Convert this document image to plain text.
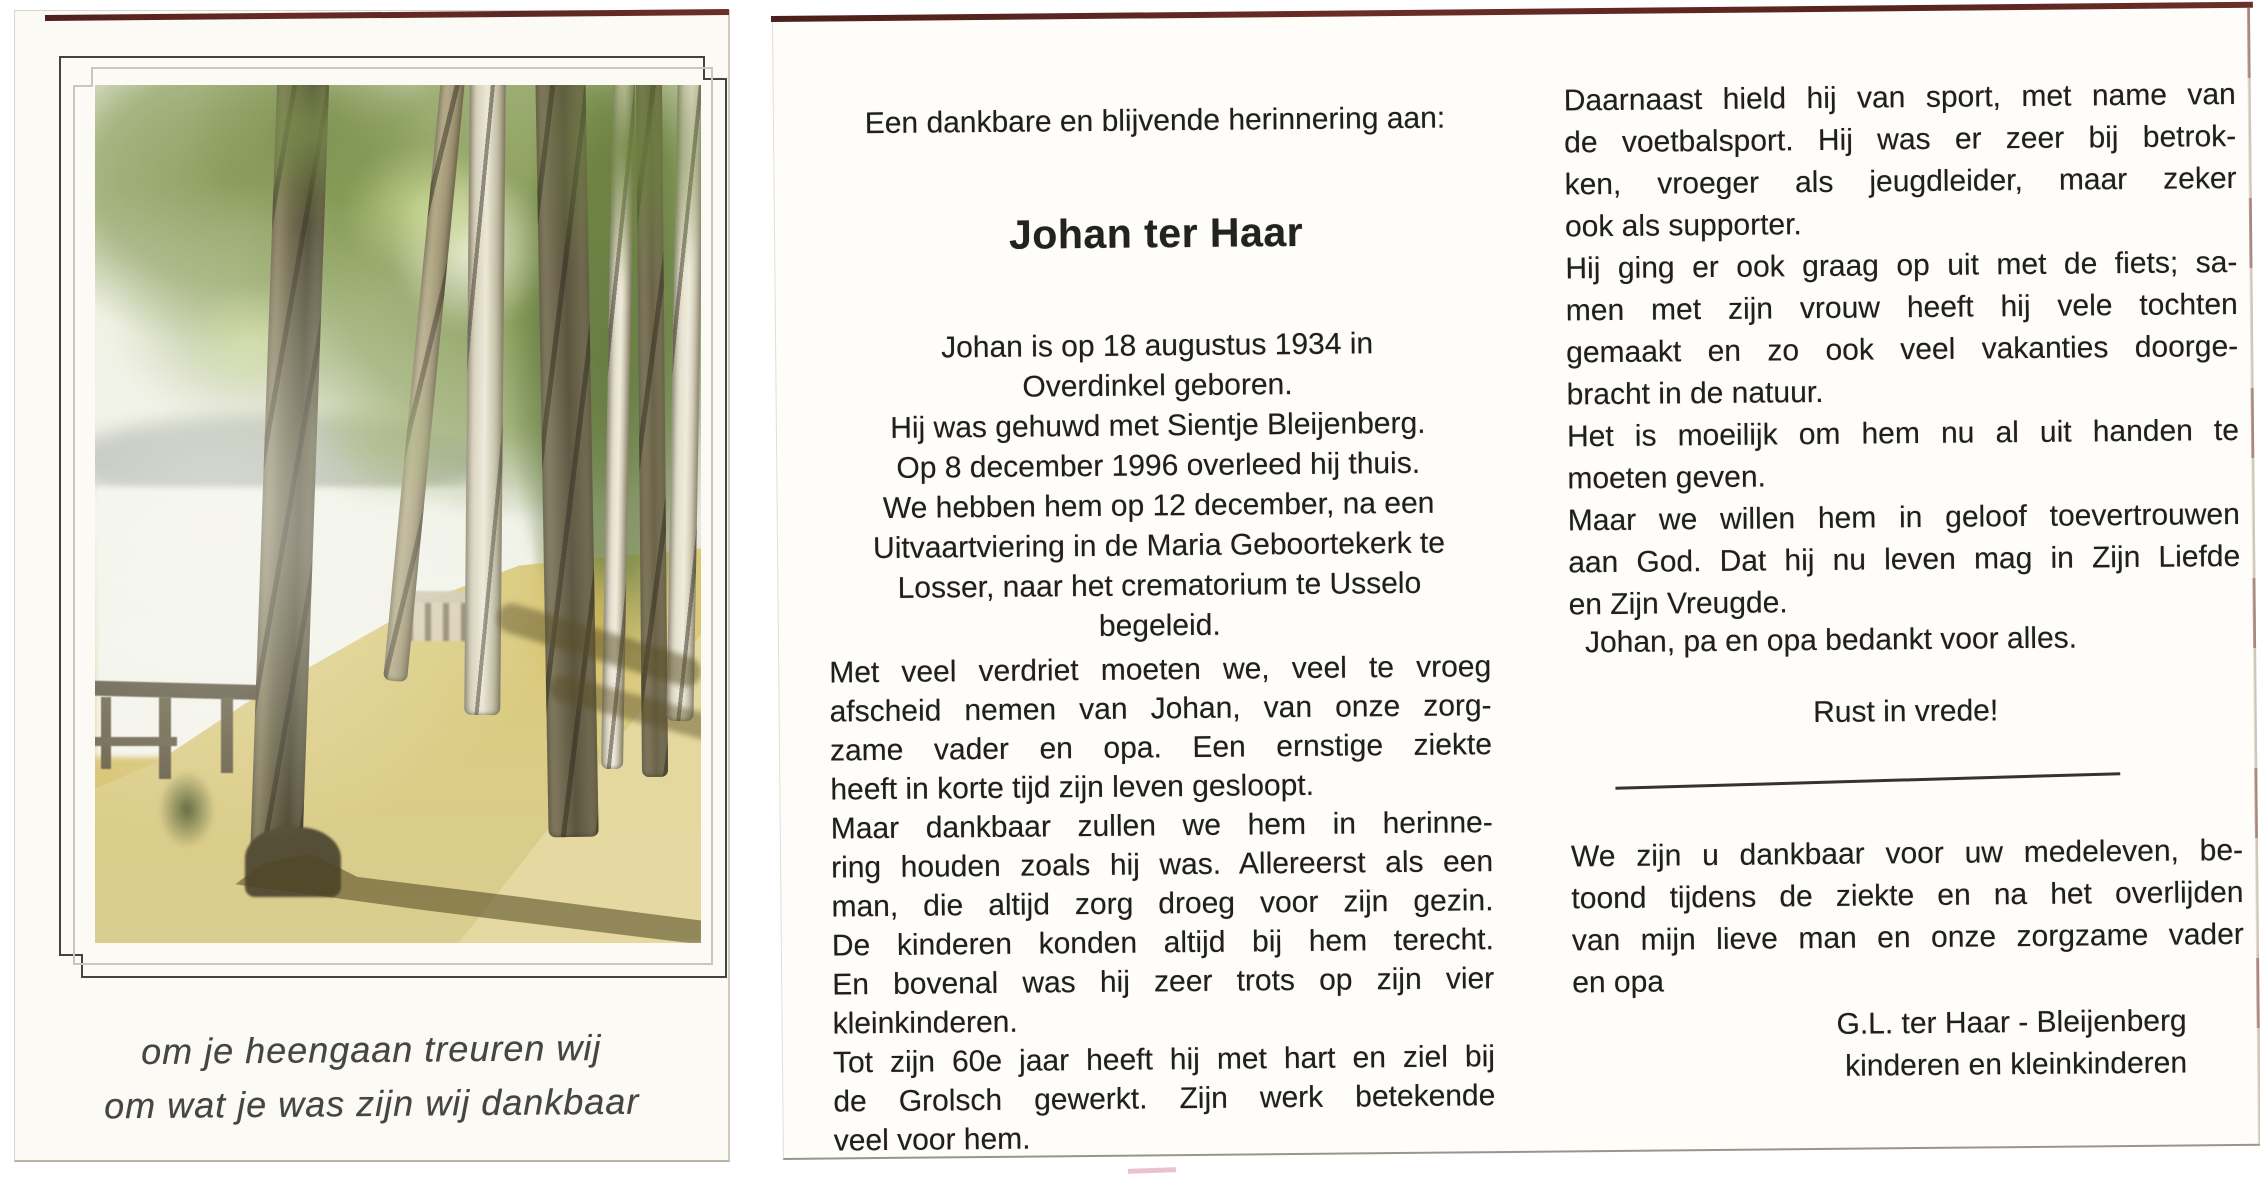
om je heengaan treuren wij
om wat je was zijn wij dankbaar

Een dankbare en blijvende herinnering aan:

Johan ter Haar
Johan is op 18 augustus 1934 in
Overdinkel geboren.
Hij was gehuwd met Sientje Bleijenberg.
Op 8 december 1996 overleed hij thuis.
We hebben hem op 12 december, na een
Uitvaartviering in de Maria Geboortekerk te
Losser, naar het crematorium te Usselo
begeleid.
Met veel verdriet moeten we, veel te vroeg
afscheid nemen van Johan, van onze zorg-
zame vader en opa. Een ernstige ziekte
heeft in korte tijd zijn leven gesloopt.
Maar dankbaar zullen we hem in herinne-
ring houden zoals hij was. Allereerst als een
man, die altijd zorg droeg voor zijn gezin.
De kinderen konden altijd bij hem terecht.
En bovenal was hij zeer trots op zijn vier
kleinkinderen.
Tot zijn 60e jaar heeft hij met hart en ziel bij
de Grolsch gewerkt. Zijn werk betekende
veel voor hem.
Daarnaast hield hij van sport, met name van
de voetbalsport. Hij was er zeer bij betrok-
ken, vroeger als jeugdleider, maar zeker
ook als supporter.
Hij ging er ook graag op uit met de fiets; sa-
men met zijn vrouw heeft hij vele tochten
gemaakt en zo ook veel vakanties doorge-
bracht in de natuur.
Het is moeilijk om hem nu al uit handen te
moeten geven.
Maar we willen hem in geloof toevertrouwen
aan God. Dat hij nu leven mag in Zijn Liefde
en Zijn Vreugde.

Johan, pa en opa bedankt voor alles.

Rust in vrede!

We zijn u dankbaar voor uw medeleven, be-
toond tijdens de ziekte en na het overlijden
van mijn lieve man en onze zorgzame vader
en opa
G.L. ter Haar - Bleijenberg
kinderen en kleinkinderen
